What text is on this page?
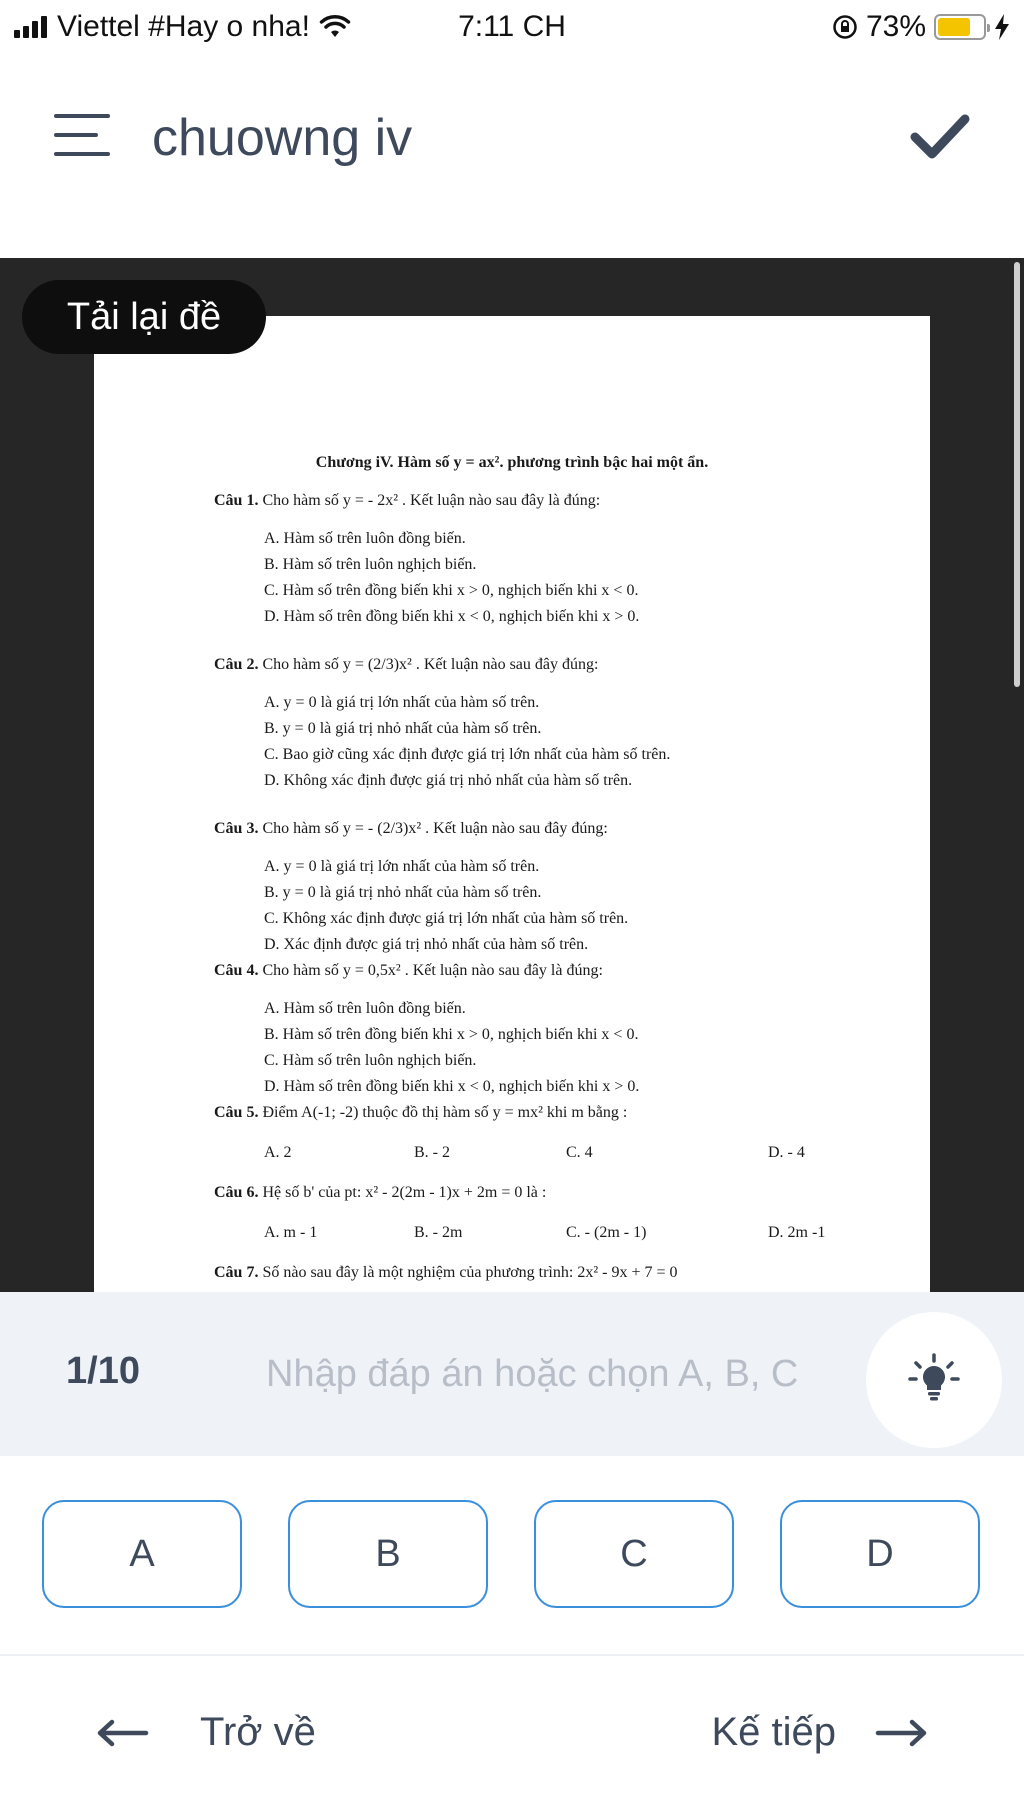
Viettel #Hay o nha!	7:11 CH	73%
chuowng iv
Tải lại đề
Chương iV. Hàm số y = ax². phương trình bậc hai một ẩn.
Câu 1. Cho hàm số y = - 2x² . Kết luận nào sau đây là đúng:
A. Hàm số trên luôn đồng biến.
B. Hàm số trên luôn nghịch biến.
C. Hàm số trên đồng biến khi x > 0, nghịch biến khi x < 0.
D. Hàm số trên đồng biến khi x < 0, nghịch biến khi x > 0.
Câu 2. Cho hàm số y = (2/3)x² . Kết luận nào sau đây đúng:
A. y = 0 là giá trị lớn nhất của hàm số trên.
B. y = 0 là giá trị nhỏ nhất của hàm số trên.
C. Bao giờ cũng xác định được giá trị lớn nhất của hàm số trên.
D. Không xác định được giá trị nhỏ nhất của hàm số trên.
Câu 3. Cho hàm số y = - (2/3)x² . Kết luận nào sau đây đúng:
A. y = 0 là giá trị lớn nhất của hàm số trên.
B. y = 0 là giá trị nhỏ nhất của hàm số trên.
C. Không xác định được giá trị lớn nhất của hàm số trên.
D. Xác định được giá trị nhỏ nhất của hàm số trên.
Câu 4. Cho hàm số y = 0,5x² . Kết luận nào sau đây là đúng:
A. Hàm số trên luôn đồng biến.
B. Hàm số trên đồng biến khi x > 0, nghịch biến khi x < 0.
C. Hàm số trên luôn nghịch biến.
D. Hàm số trên đồng biến khi x < 0, nghịch biến khi x > 0.
Câu 5. Điểm A(-1; -2) thuộc đồ thị hàm số y = mx² khi m bằng :
A. 2	B. - 2	C. 4	D. - 4
Câu 6. Hệ số b' của pt: x² - 2(2m - 1)x + 2m = 0 là :
A. m - 1	B. - 2m	C. - (2m - 1)	D. 2m -1
Câu 7. Số nào sau đây là một nghiệm của phương trình: 2x² - 9x + 7 = 0
1/10
Nhập đáp án hoặc chọn A, B, C
A	B	C	D
Trở về	Kế tiếp
